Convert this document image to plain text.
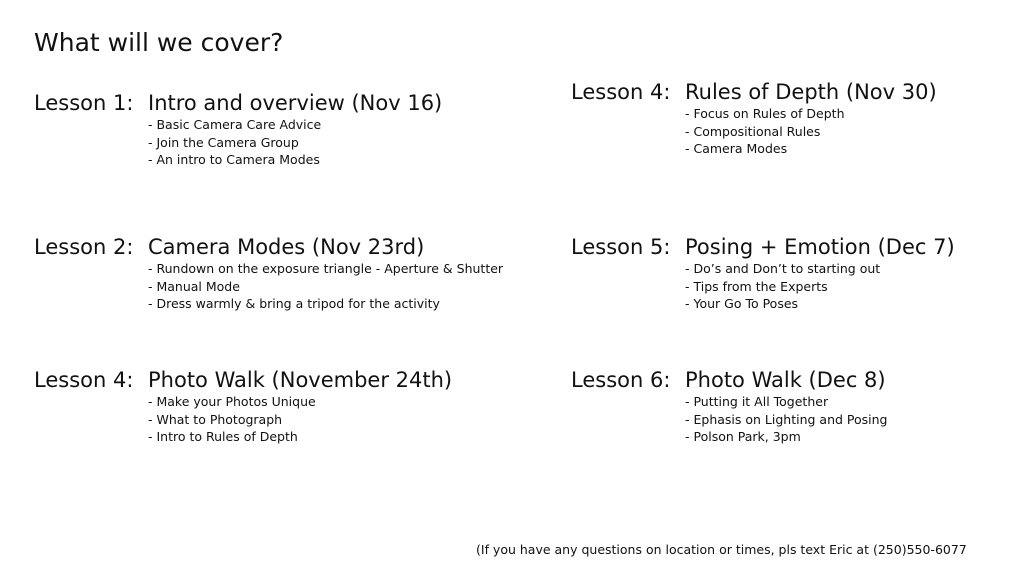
What will we cover?
Lesson 1: Intro and overview (Nov 16)
- Basic Camera Care Advice
- Join the Camera Group
- An intro to Camera Modes
Lesson 2: Camera Modes (Nov 23rd)
- Rundown on the exposure triangle - Aperture & Shutter
- Manual Mode
- Dress warmly & bring a tripod for the activity
Lesson 4: Photo Walk (November 24th)
- Make your Photos Unique
- What to Photograph
- Intro to Rules of Depth
Lesson 4: Rules of Depth (Nov 30)
- Focus on Rules of Depth
- Compositional Rules
- Camera Modes
Lesson 5: Posing + Emotion (Dec 7)
- Do’s and Don’t to starting out
- Tips from the Experts
- Your Go To Poses
Lesson 6: Photo Walk (Dec 8)
- Putting it All Together
- Ephasis on Lighting and Posing
- Polson Park, 3pm
(If you have any questions on location or times, pls text Eric at (250)550-6077
